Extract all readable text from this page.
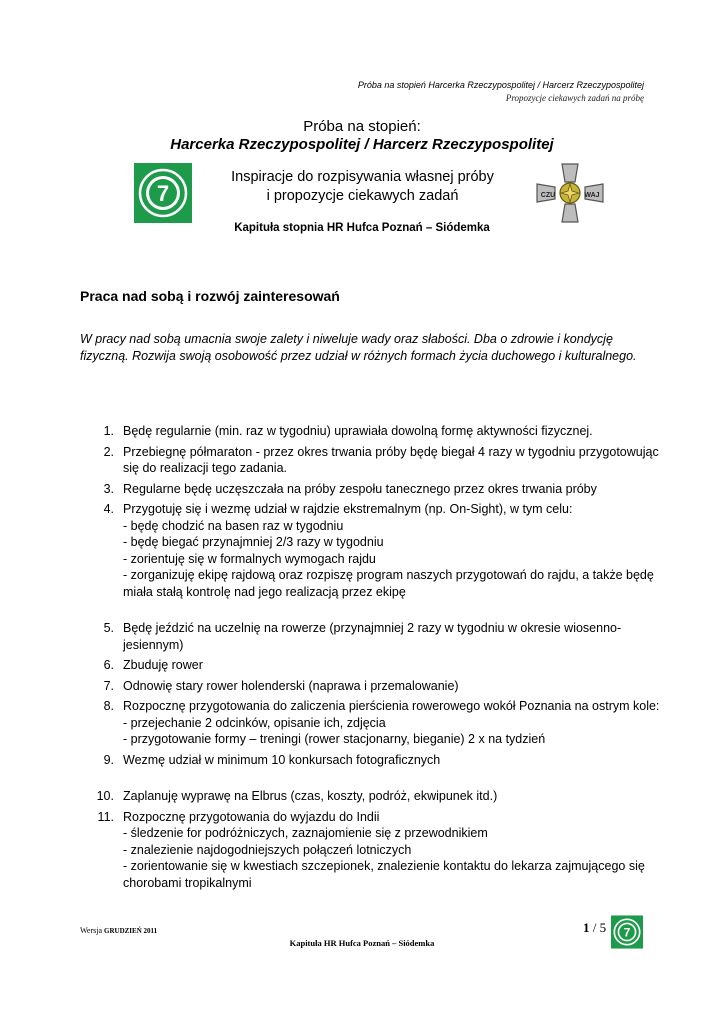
Próba na stopień Harcerka Rzeczypospolitej / Harcerz Rzeczypospolitej
Propozycje ciekawych zadań na próbę
Próba na stopień:
Harcerka Rzeczypospolitej / Harcerz Rzeczypospolitej
7	CZU	WAJ
Inspiracje do rozpisywania własnej próby
i propozycje ciekawych zadań
Kapituła stopnia HR Hufca Poznań – Siódemka
Praca nad sobą i rozwój zainteresowań
W pracy nad sobą umacnia swoje zalety i niweluje wady oraz słabości. Dba o zdrowie i kondycję fizyczną. Rozwija swoją osobowość przez udział w różnych formach życia duchowego i kulturalnego.
1. Będę regularnie (min. raz w tygodniu) uprawiała dowolną formę aktywności fizycznej.
2. Przebiegnę półmaraton - przez okres trwania próby będę biegał 4 razy w tygodniu przygotowując się do realizacji tego zadania.
3. Regularne będę uczęszczała na próby zespołu tanecznego przez okres trwania próby
4. Przygotuję się i wezmę udział w rajdzie ekstremalnym (np. On-Sight), w tym celu:
- będę chodzić na basen raz w tygodniu
- będę biegać przynajmniej 2/3 razy w tygodniu
- zorientuję się w formalnych wymogach rajdu
- zorganizuję ekipę rajdową oraz rozpiszę program naszych przygotowań do rajdu, a także będę miała stałą kontrolę nad jego realizacją przez ekipę
5. Będę jeździć na uczelnię na rowerze (przynajmniej 2 razy w tygodniu w okresie wiosenno- jesiennym)
6. Zbuduję rower
7. Odnowię stary rower holenderski (naprawa i przemalowanie)
8. Rozpocznę przygotowania do zaliczenia pierścienia rowerowego wokół Poznania na ostrym kole:
- przejechanie 2 odcinków, opisanie ich, zdjęcia
- przygotowanie formy – treningi (rower stacjonarny, bieganie) 2 x na tydzień
9. Wezmę udział w minimum 10 konkursach fotograficznych
10. Zaplanuję wyprawę na Elbrus (czas, koszty, podróż, ekwipunek itd.)
11. Rozpocznę przygotowania do wyjazdu do Indii
- śledzenie for podróżniczych, zaznajomienie się z przewodnikiem
- znalezienie najdogodniejszych połączeń lotniczych
- zorientowanie się w kwestiach szczepionek, znalezienie kontaktu do lekarza zajmującego się chorobami tropikalnymi
Wersja GRUDZIEŃ 2011	1 / 5 7
Kapituła HR Hufca Poznań – Siódemka
